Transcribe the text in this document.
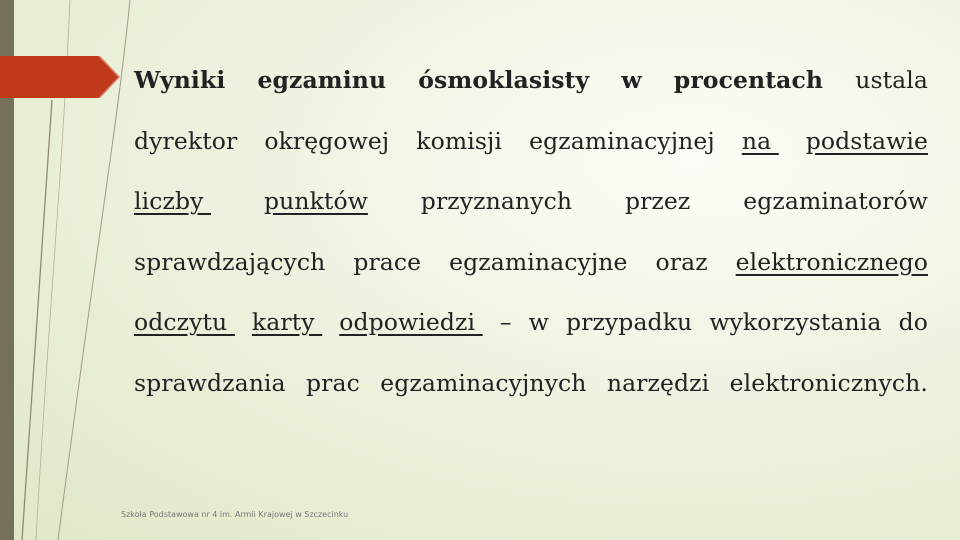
Wyniki egzaminu ósmoklasisty w procentach ustala
dyrektor okręgowej komisji egzaminacyjnej na podstawie
liczby punktów przyznanych przez egzaminatorów
sprawdzających prace egzaminacyjne oraz elektronicznego
odczytu karty odpowiedzi – w przypadku wykorzystania do
sprawdzania prac egzaminacyjnych narzędzi elektronicznych.
Szkoła Podstawowa nr 4 im. Armii Krajowej w Szczecinku
